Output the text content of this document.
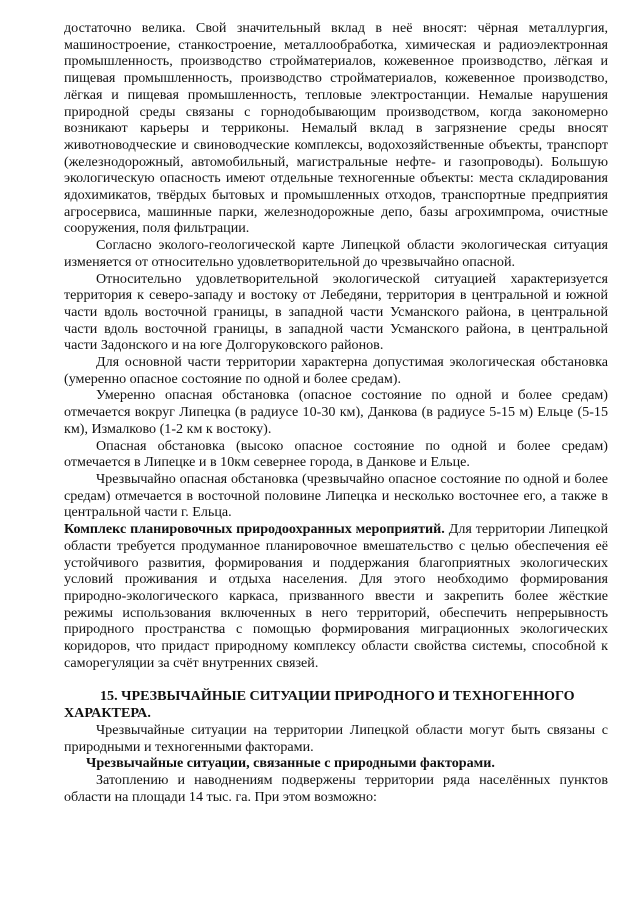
достаточно велика. Свой значительный вклад в неё вносят: чёрная металлургия, машиностроение, станкостроение, металлообработка, химическая и радиоэлектронная промышленность, производство стройматериалов, кожевенное производство, лёгкая и пищевая промышленность, производство стройматериалов, кожевенное производство, лёгкая и пищевая промышленность, тепловые электростанции. Немалые нарушения природной среды связаны с горнодобывающим производством, когда закономерно возникают карьеры и терриконы. Немалый вклад в загрязнение среды вносят животноводческие и свиноводческие комплексы, водохозяйственные объекты, транспорт (железнодорожный, автомобильный, магистральные нефте- и газопроводы). Большую экологическую опасность имеют отдельные техногенные объекты: места складирования ядохимикатов, твёрдых бытовых и промышленных отходов, транспортные предприятия агросервиса, машинные парки, железнодорожные депо, базы агрохимпрома, очистные сооружения, поля фильтрации.

Согласно эколого-геологической карте Липецкой области экологическая ситуация изменяется от относительно удовлетворительной до чрезвычайно опасной.

Относительно удовлетворительной экологической ситуацией характеризуется территория к северо-западу и востоку от Лебедяни, территория в центральной и южной части вдоль восточной границы, в западной части Усманского района, в центральной части вдоль восточной границы, в западной части Усманского района, в центральной части Задонского и на юге Долгоруковского районов.

Для основной части территории характерна допустимая экологическая обстановка (умеренно опасное состояние по одной и более средам).

Умеренно опасная обстановка (опасное состояние по одной и более средам) отмечается вокруг Липецка (в радиусе 10-30 км), Данкова (в радиусе 5-15 м) Ельце (5-15 км), Измалково (1-2 км к востоку).

Опасная обстановка (высоко опасное состояние по одной и более средам) отмечается в Липецке и в 10км севернее города, в Данкове и Ельце.

Чрезвычайно опасная обстановка (чрезвычайно опасное состояние по одной и более средам) отмечается в восточной половине Липецка и несколько восточнее его, а также в центральной части г. Ельца.

Комплекс планировочных природоохранных мероприятий. Для территории Липецкой области требуется продуманное планировочное вмешательство с целью обеспечения её устойчивого развития, формирования и поддержания благоприятных экологических условий проживания и отдыха населения. Для этого необходимо формирования природно-экологического каркаса, призванного ввести и закрепить более жёсткие режимы использования включенных в него территорий, обеспечить непрерывность природного пространства с помощью формирования миграционных экологических коридоров, что придаст природному комплексу области свойства системы, способной к саморегуляции за счёт внутренних связей.

15. ЧРЕЗВЫЧАЙНЫЕ СИТУАЦИИ ПРИРОДНОГО И ТЕХНОГЕННОГО ХАРАКТЕРА.

Чрезвычайные ситуации на территории Липецкой области могут быть связаны с природными и техногенными факторами.

Чрезвычайные ситуации, связанные с природными факторами.

Затоплению и наводнениям подвержены территории ряда населённых пунктов области на площади 14 тыс. га. При этом возможно:
